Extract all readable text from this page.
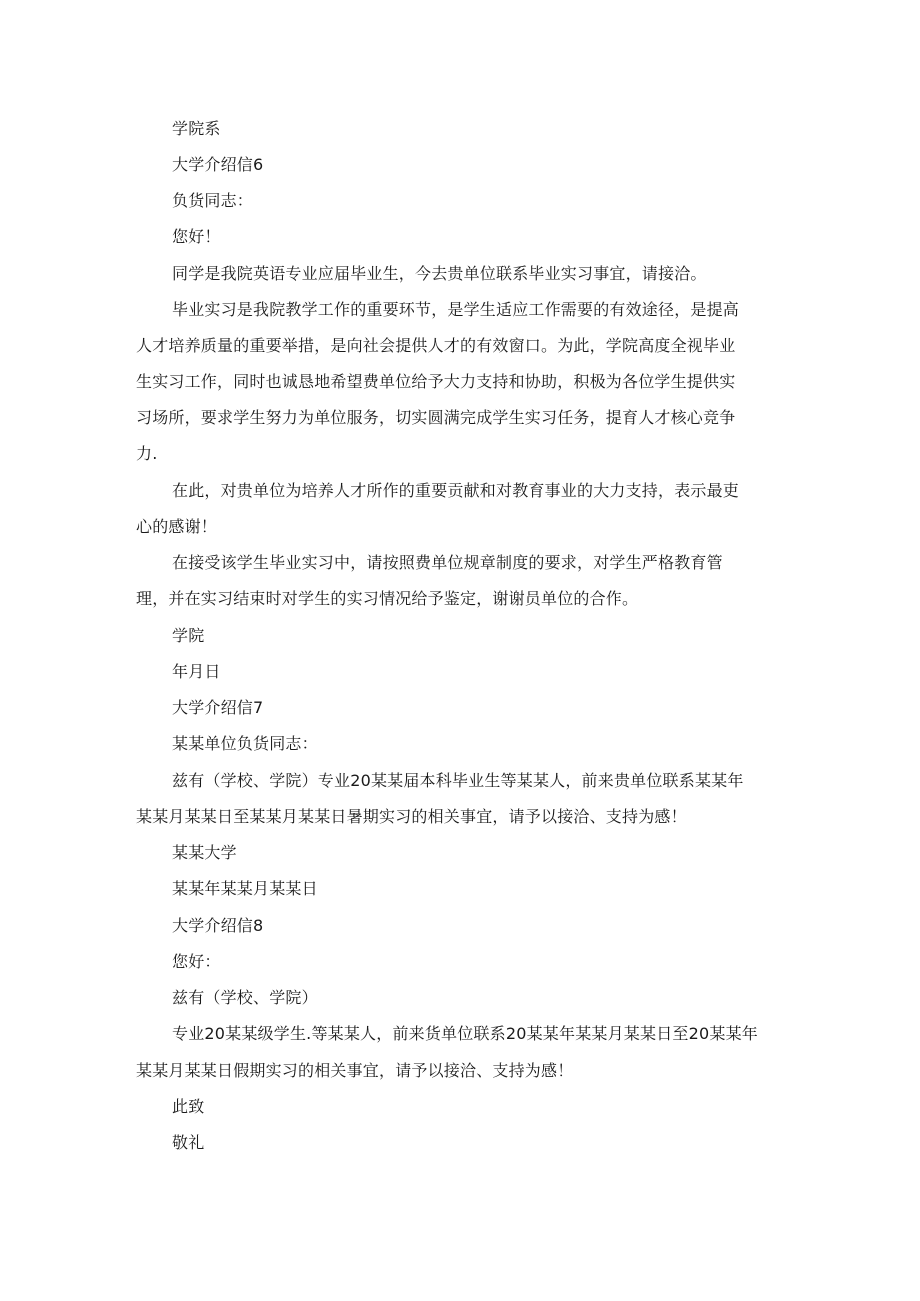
学院系
大学介绍信6
负货同志：
您好！
同学是我院英语专业应届毕业生，今去贵单位联系毕业实习事宜，请接洽。
毕业实习是我院教学工作的重要环节，是学生适应工作需要的有效途径，是提高
人才培养质量的重要举措，是向社会提供人才的有效窗口。为此，学院高度全视毕业
生实习工作，同时也诚恳地希望费单位给予大力支持和协助，积极为各位学生提供实
习场所，要求学生努力为单位服务，切实圆满完成学生实习任务，提育人才核心竞争
力.
在此，对贵单位为培养人才所作的重要贡献和对教育事业的大力支持，表示最吏
心的感谢！
在接受该学生毕业实习中，请按照费单位规章制度的要求，对学生严格教育管
理，并在实习结束时对学生的实习情况给予鉴定，谢谢员单位的合作。
学院
年月日
大学介绍信7
某某单位负货同志：
兹有（学校、学院）专业20某某届本科毕业生等某某人，前来贵单位联系某某年
某某月某某日至某某月某某日暑期实习的相关事宜，请予以接洽、支持为感！
某某大学
某某年某某月某某日
大学介绍信8
您好：
兹有（学校、学院）
专业20某某级学生.等某某人，前来货单位联系20某某年某某月某某日至20某某年
某某月某某日假期实习的相关事宜，请予以接洽、支持为感！
此致
敬礼
